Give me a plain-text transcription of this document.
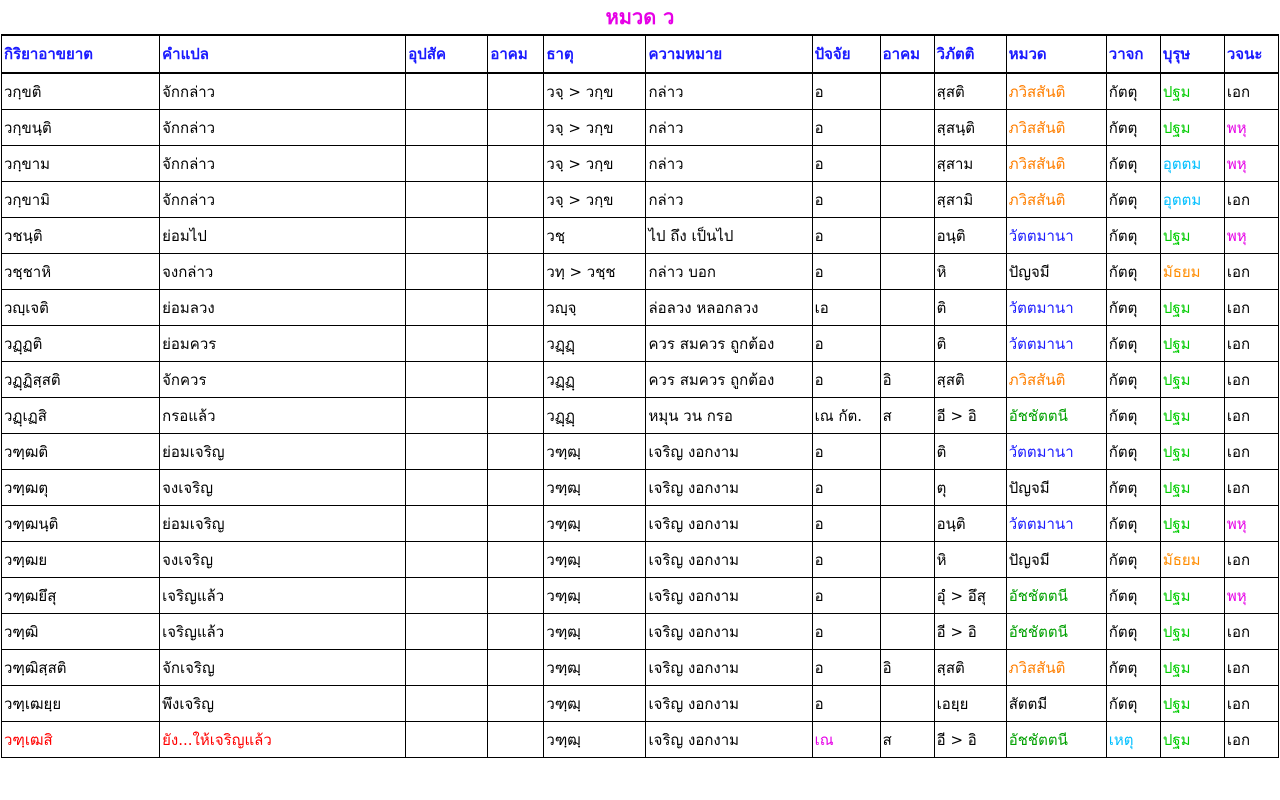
หมวด ว
กิริยาอาขยาต	คำแปล	อุปสัค	อาคม	ธาตุ	ความหมาย	ปัจจัย	อาคม	วิภัตติ	หมวด	วาจก	บุรุษ	วจนะ
วกฺขติ	จักกล่าว			วจฺ > วกฺข	กล่าว	อ		สฺสติ	ภวิสสันติ	กัตตุ	ปฐม	เอก
วกฺขนฺติ	จักกล่าว			วจฺ > วกฺข	กล่าว	อ		สฺสนฺติ	ภวิสสันติ	กัตตุ	ปฐม	พหุ
วกฺขาม	จักกล่าว			วจฺ > วกฺข	กล่าว	อ		สฺสาม	ภวิสสันติ	กัตตุ	อุตตม	พหุ
วกฺขามิ	จักกล่าว			วจฺ > วกฺข	กล่าว	อ		สฺสามิ	ภวิสสันติ	กัตตุ	อุตตม	เอก
วชนฺติ	ย่อมไป			วชฺ	ไป ถึง เป็นไป	อ		อนฺติ	วัตตมานา	กัตตุ	ปฐม	พหุ
วชฺชาหิ	จงกล่าว			วทฺ > วชฺช	กล่าว บอก	อ		หิ	ปัญจมี	กัตตุ	มัธยม	เอก
วญฺเจติ	ย่อมลวง			วญฺจฺ	ล่อลวง หลอกลวง	เอ		ติ	วัตตมานา	กัตตุ	ปฐม	เอก
วฏฺฏติ	ย่อมควร			วฏฺฏฺ	ควร สมควร ถูกต้อง	อ		ติ	วัตตมานา	กัตตุ	ปฐม	เอก
วฏฺฏิสฺสติ	จักควร			วฏฺฏฺ	ควร สมควร ถูกต้อง	อ	อิ	สฺสติ	ภวิสสันติ	กัตตุ	ปฐม	เอก
วฏฺเฏสิ	กรอแล้ว			วฏฺฏฺ	หมุน วน กรอ	เณ กัต.	ส	อี > อิ	อัชชัตตนี	กัตตุ	ปฐม	เอก
วฑฺฒติ	ย่อมเจริญ			วฑฺฒฺ	เจริญ งอกงาม	อ		ติ	วัตตมานา	กัตตุ	ปฐม	เอก
วฑฺฒตุ	จงเจริญ			วฑฺฒฺ	เจริญ งอกงาม	อ		ตุ	ปัญจมี	กัตตุ	ปฐม	เอก
วฑฺฒนฺติ	ย่อมเจริญ			วฑฺฒฺ	เจริญ งอกงาม	อ		อนฺติ	วัตตมานา	กัตตุ	ปฐม	พหุ
วฑฺฒย	จงเจริญ			วฑฺฒฺ	เจริญ งอกงาม	อ		หิ	ปัญจมี	กัตตุ	มัธยม	เอก
วฑฺฒยึสุ	เจริญแล้ว			วฑฺฒฺ	เจริญ งอกงาม	อ		อุํ > อึสุ	อัชชัตตนี	กัตตุ	ปฐม	พหุ
วฑฺฒิ	เจริญแล้ว			วฑฺฒฺ	เจริญ งอกงาม	อ		อี > อิ	อัชชัตตนี	กัตตุ	ปฐม	เอก
วฑฺฒิสฺสติ	จักเจริญ			วฑฺฒฺ	เจริญ งอกงาม	อ	อิ	สฺสติ	ภวิสสันติ	กัตตุ	ปฐม	เอก
วฑฺเฒยฺย	พึงเจริญ			วฑฺฒฺ	เจริญ งอกงาม	อ		เอยฺย	สัตตมี	กัตตุ	ปฐม	เอก
วฑฺเฒสิ	ยัง...ให้เจริญแล้ว			วฑฺฒฺ	เจริญ งอกงาม	เณ	ส	อี > อิ	อัชชัตตนี	เหตุ	ปฐม	เอก
